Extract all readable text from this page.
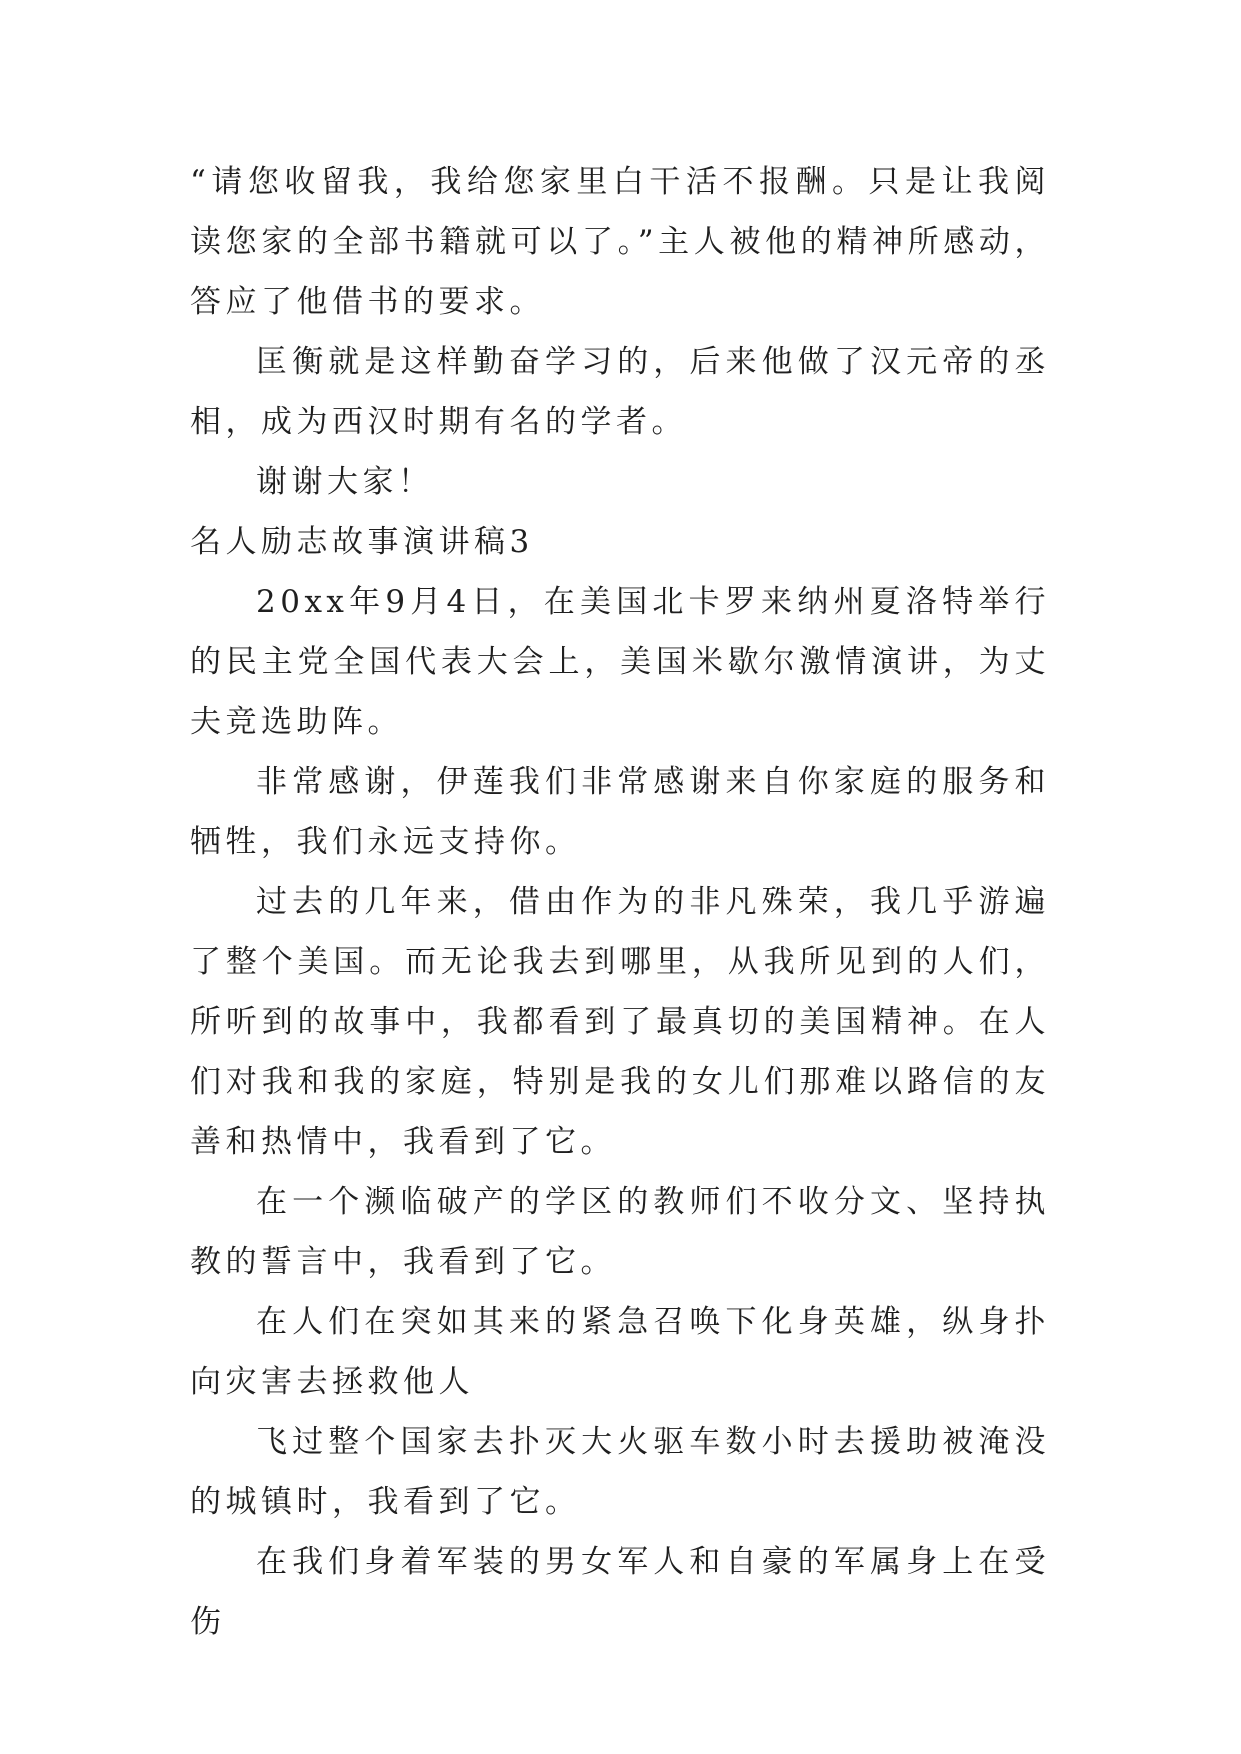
“请您收留我，我给您家里白干活不报酬。只是让我阅读您家的全部书籍就可以了。”主人被他的精神所感动，答应了他借书的要求。

匡衡就是这样勤奋学习的，后来他做了汉元帝的丞相，成为西汉时期有名的学者。

谢谢大家！

名人励志故事演讲稿3

20xx年9月4日，在美国北卡罗来纳州夏洛特举行的民主党全国代表大会上，美国米歇尔激情演讲，为丈夫竞选助阵。

非常感谢，伊莲我们非常感谢来自你家庭的服务和牺牲，我们永远支持你。

过去的几年来，借由作为的非凡殊荣，我几乎游遍了整个美国。而无论我去到哪里，从我所见到的人们，所听到的故事中，我都看到了最真切的美国精神。在人们对我和我的家庭，特别是我的女儿们那难以路信的友善和热情中，我看到了它。

在一个濒临破产的学区的教师们不收分文、坚持执教的誓言中，我看到了它。

在人们在突如其来的紧急召唤下化身英雄，纵身扑向灾害去拯救他人

飞过整个国家去扑灭大火驱车数小时去援助被淹没的城镇时，我看到了它。

在我们身着军装的男女军人和自豪的军属身上在受伤
